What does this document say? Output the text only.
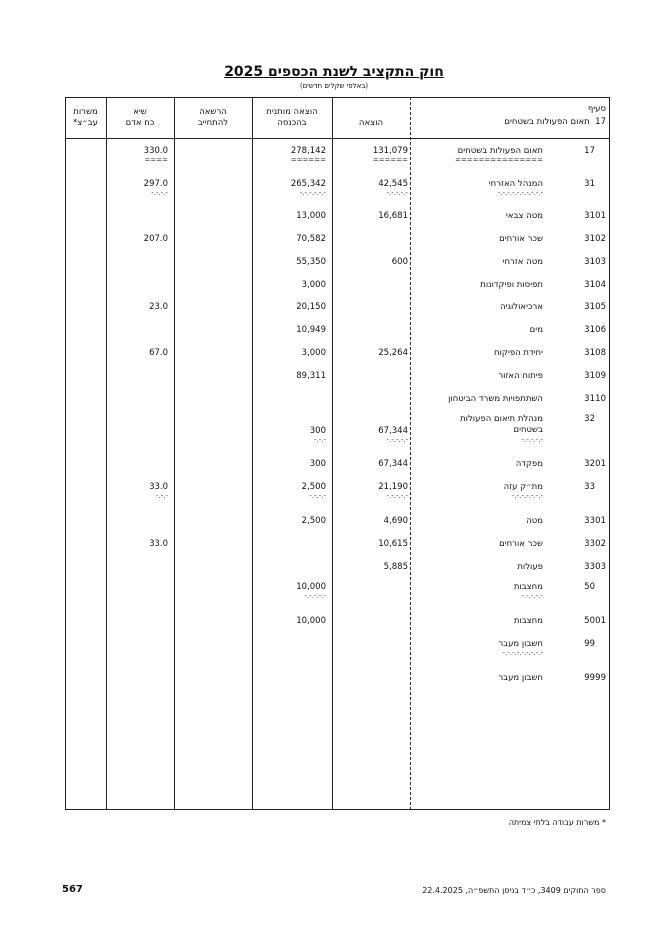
חוק התקציב לשנת הכספים 2025
(באלפי שקלים חדשים)
סעיף
17  תאום הפעולות בשטחים
הוצאה
הוצאה מותנית
בהכנסה
הרשאה
להתחייב
שיא
כח אדם
משרות
עב״צ*
17
תאום הפעולות בשטחים
===============
131,079
======
278,142
======
330.0
====
31
המנהל האזרחי
-.-.-.-.-.-.-.-.-.-
42,545
-.-.-.-.-
265,342
-.-.-.-.-.-
297.0
-.-.-.-
31 01
מטה צבאי
16,681
13,000
31 02
שכר אורחים
70,582
207.0
31 03
מטה אזרחי
600
55,350
31 04
תפיסות ופיקדונות
3,000
31 05
ארכיאולוגיה
20,150
23.0
31 06
מים
10,949
31 08
יחידת הפיקוח
25,264
3,000
67.0
31 09
פיתוח האזור
89,311
31 10
השתתפויות משרד הביטחון
32
מנהלת תיאום הפעולות
בשטחים
-.-.-.-.-
67,344
-.-.-.-.-
300
-.-.-
32 01
מפקדה
67,344
300
33
מת״ק עזה
-.-.-.-.-.-.-
21,190
-.-.-.-.-
2,500
-.-.-.-
33.0
-.-.-
33 01
מטה
4,690
2,500
33 02
שכר אורחים
10,615
33.0
33 03
פעולות
5,885
50
מחצבות
-.-.-.-.-
10,000
-.-.-.-.-
50 01
מחצבות
10,000
99
חשבון מעבר
-.-.-.-.-.-.-.-.-
99 99
חשבון מעבר
* משרות עבודה בלתי צמיתה
567	ספר החוקים 3409, כ״ד בניסן התשפ״ה, 22.4.2025
